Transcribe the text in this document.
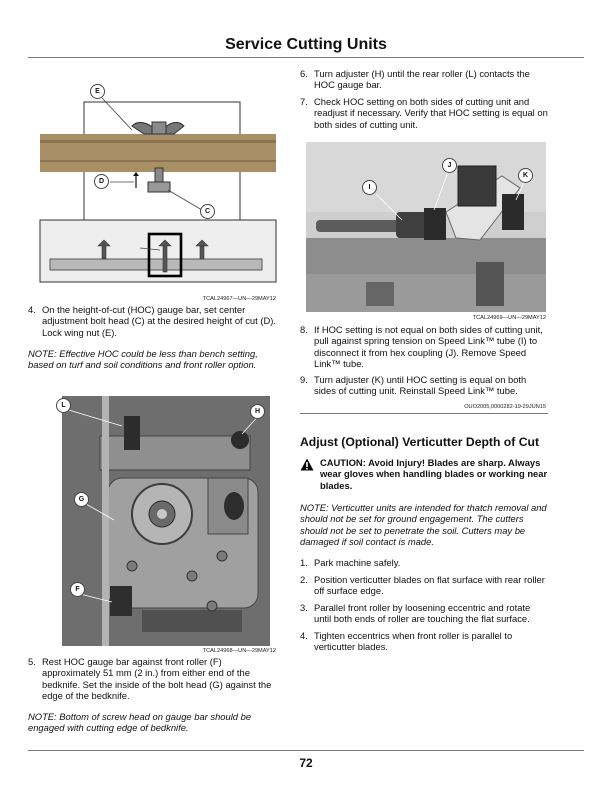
Service Cutting Units
E
D
C
TCAL24967—UN—29MAY12
4. On the height-of-cut (HOC) gauge bar, set center adjustment bolt head (C) at the desired height of cut (D). Lock wing nut (E).
NOTE: Effective HOC could be less than bench setting, based on turf and soil conditions and front roller option.
L
H
G
F
TCAL24968—UN—29MAY12
5. Rest HOC gauge bar against front roller (F) approximately 51 mm (2 in.) from either end of the bedknife. Set the inside of the bolt head (G) against the edge of the bedknife.
NOTE: Bottom of screw head on gauge bar should be engaged with cutting edge of bedknife.
6. Turn adjuster (H) until the rear roller (L) contacts the HOC gauge bar.
7. Check HOC setting on both sides of cutting unit and readjust if necessary. Verify that HOC setting is equal on both sides of cutting unit.
I
J
K
TCAL24969—UN—29MAY12
8. If HOC setting is not equal on both sides of cutting unit, pull against spring tension on Speed Link™ tube (I) to disconnect it from hex coupling (J). Remove Speed Link™ tube.
9. Turn adjuster (K) until HOC setting is equal on both sides of cutting unit. Reinstall Speed Link™ tube.
OUO2005,0000282-19-29JUN15
Adjust (Optional) Verticutter Depth of Cut
CAUTION: Avoid Injury! Blades are sharp. Always wear gloves when handling blades or working near blades.
NOTE: Verticutter units are intended for thatch removal and should not be set for ground engagement. The cutters should not be set to penetrate the soil. Cutters may be damaged if soil contact is made.
1. Park machine safely.
2. Position verticutter blades on flat surface with rear roller off surface edge.
3. Parallel front roller by loosening eccentric and rotate until both ends of roller are touching the flat surface.
4. Tighten eccentrics when front roller is parallel to verticutter blades.
72
